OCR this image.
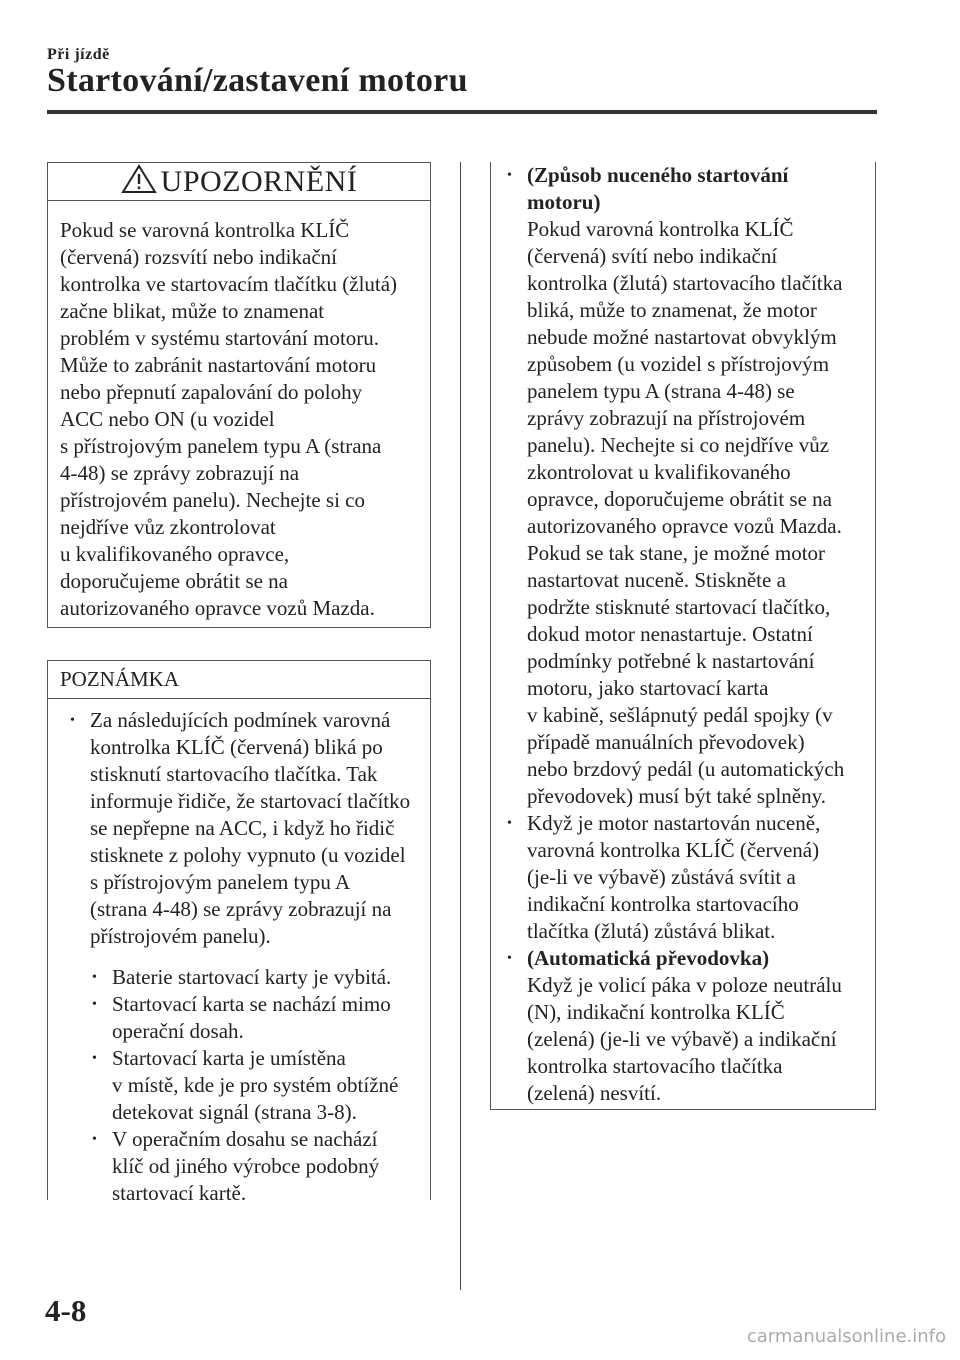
Při jízdě
Startování/zastavení motoru
UPOZORNĚNÍ
Pokud se varovná kontrolka KLÍČ
(červená) rozsvítí nebo indikační
kontrolka ve startovacím tlačítku (žlutá)
začne blikat, může to znamenat
problém v systému startování motoru.
Může to zabránit nastartování motoru
nebo přepnutí zapalování do polohy
ACC nebo ON (u vozidel
s přístrojovým panelem typu A (strana
4-48) se zprávy zobrazují na
přístrojovém panelu). Nechejte si co
nejdříve vůz zkontrolovat
u kvalifikovaného opravce,
doporučujeme obrátit se na
autorizovaného opravce vozů Mazda.
POZNÁMKA
• Za následujících podmínek varovná
kontrolka KLÍČ (červená) bliká po
stisknutí startovacího tlačítka. Tak
informuje řidiče, že startovací tlačítko
se nepřepne na ACC, i když ho řidič
stisknete z polohy vypnuto (u vozidel
s přístrojovým panelem typu A
(strana 4-48) se zprávy zobrazují na
přístrojovém panelu).
• Baterie startovací karty je vybitá.
• Startovací karta se nachází mimo
operační dosah.
• Startovací karta je umístěna
v místě, kde je pro systém obtížné
detekovat signál (strana 3-8).
• V operačním dosahu se nachází
klíč od jiného výrobce podobný
startovací kartě.
• (Způsob nuceného startování
motoru)
Pokud varovná kontrolka KLÍČ
(červená) svítí nebo indikační
kontrolka (žlutá) startovacího tlačítka
bliká, může to znamenat, že motor
nebude možné nastartovat obvyklým
způsobem (u vozidel s přístrojovým
panelem typu A (strana 4-48) se
zprávy zobrazují na přístrojovém
panelu). Nechejte si co nejdříve vůz
zkontrolovat u kvalifikovaného
opravce, doporučujeme obrátit se na
autorizovaného opravce vozů Mazda.
Pokud se tak stane, je možné motor
nastartovat nuceně. Stiskněte a
podržte stisknuté startovací tlačítko,
dokud motor nenastartuje. Ostatní
podmínky potřebné k nastartování
motoru, jako startovací karta
v kabině, sešlápnutý pedál spojky (v
případě manuálních převodovek)
nebo brzdový pedál (u automatických
převodovek) musí být také splněny.
• Když je motor nastartován nuceně,
varovná kontrolka KLÍČ (červená)
(je-li ve výbavě) zůstává svítit a
indikační kontrolka startovacího
tlačítka (žlutá) zůstává blikat.
• (Automatická převodovka)
Když je volicí páka v poloze neutrálu
(N), indikační kontrolka KLÍČ
(zelená) (je-li ve výbavě) a indikační
kontrolka startovacího tlačítka
(zelená) nesvítí.
4-8
carmanualsonline.info
